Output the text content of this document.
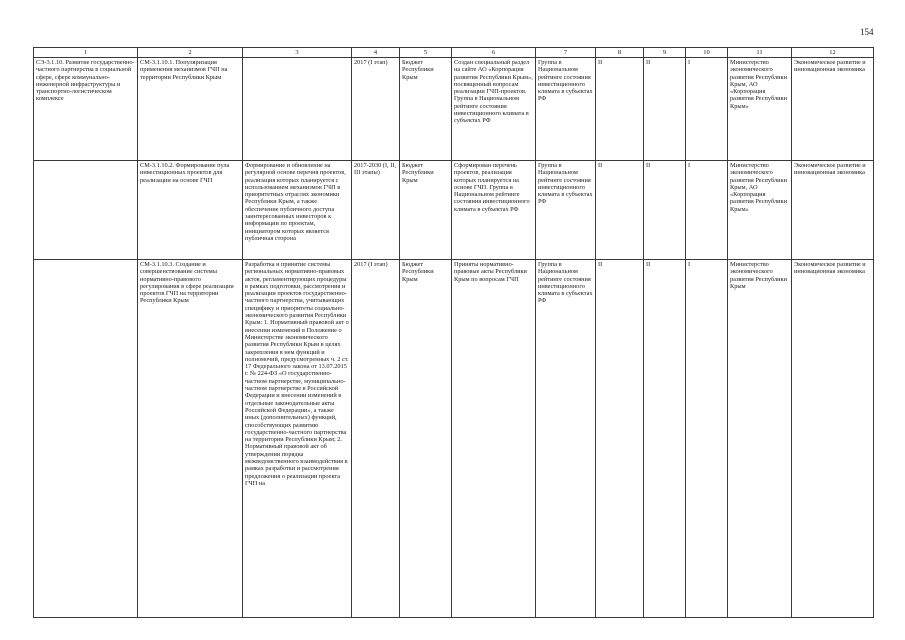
154
1	2	3	4	5	6	7	8	9	10	11	12
СЭ-3.1.10. Развитие государственно-частного партнерства в социальной сфере, сфере коммунально-инженерной инфраструктуры и транспортно-логистическом комплексе	СМ-3.1.10.1. Популяризация применения механизмов ГЧП на территории Республики Крым		2017 (I этап)	Бюджет Республики Крым	Создан специальный раздел на сайте АО «Корпорация развития Республики Крым», посвященный вопросам реализации ГЧП-проектов. Группа в Национальном рейтинге состояния инвестиционного климата в субъектах РФ	Группа в Национальном рейтинге состояния инвестиционного климата в субъектах РФ	II	II	I	Министерство экономического развития Республики Крым, АО «Корпорация развития Республики Крым»	Экономическое развитие и инновационная экономика
	СМ-3.1.10.2. Формирование пула инвестиционных проектов для реализации на основе ГЧП	Формирование и обновление на регулярной основе перечня проектов, реализация которых планируется с использованием механизмов ГЧП в приоритетных отраслях экономики Республики Крым, а также обеспечение публичного доступа заинтересованных инвесторов к информации по проектам, инициатором которых является публичная сторона	2017-2030 (I, II, III этапы)	Бюджет Республики Крым	Сформирован перечень проектов, реализация которых планируется на основе ГЧП. Группа в Национальном рейтинге состояния инвестиционного климата в субъектах РФ	Группа в Национальном рейтинге состояния инвестиционного климата в субъектах РФ	II	II	I	Министерство экономического развития Республики Крым, АО «Корпорация развития Республики Крым»	Экономическое развитие и инновационная экономика
	СМ-3.1.10.3. Создание и совершенствование системы нормативно-правового регулирования в сфере реализации проектов ГЧП на территории Республики Крым	Разработка и принятие системы региональных нормативно-правовых актов, регламентирующих процедуры в рамках подготовки, рассмотрения и реализации проектов государственно-частного партнерства, учитывающих специфику и приоритеты социально-экономического развития Республики Крым: 1. Нормативный правовой акт о внесении изменений в Положение о Министерстве экономического развития Республики Крым в целях закрепления в нем функций и полномочий, предусмотренных ч. 2 ст. 17 Федерального закона от 13.07.2015 г. № 224-ФЗ «О государственно-частном партнерстве, муниципально-частном партнерстве в Российской Федерации и внесении изменений в отдельные законодательные акты Российской Федерации», а также иных (дополнительных) функций, способствующих развитию государственно-частного партнерства на территории Республики Крым; 2. Нормативный правовой акт об утверждении порядка межведомственного взаимодействия в рамках разработки и рассмотрения предложения о реализации проекта ГЧП на	2017 (I этап)	Бюджет Республики Крым	Приняты нормативно-правовые акты Республики Крым по вопросам ГЧП	Группа в Национальном рейтинге состояния инвестиционного климата в субъектах РФ	II	II	I	Министерство экономического развития Республики Крым	Экономическое развитие и инновационная экономика
